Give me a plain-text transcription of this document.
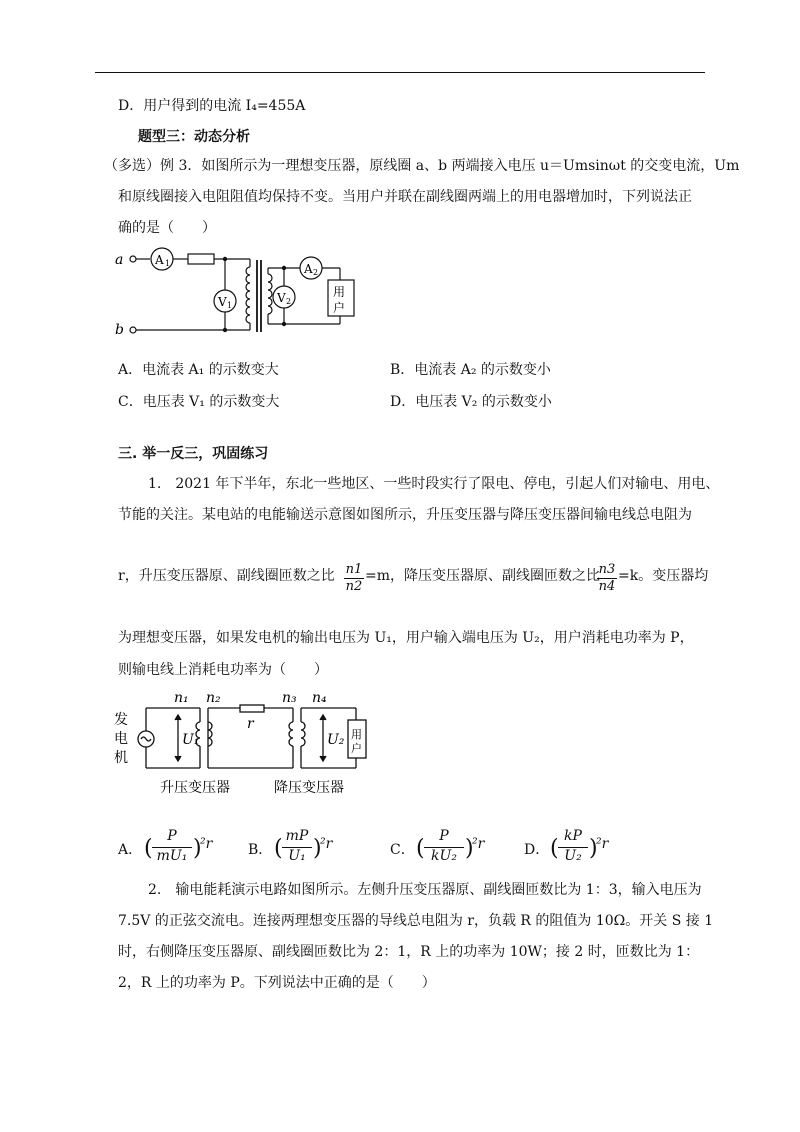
D．用户得到的电流 I₄=455A
题型三：动态分析
（多选）例 3．如图所示为一理想变压器，原线圈 a、b 两端接入电压 u＝Umsinωt 的交变电流，Um
和原线圈接入电阻阻值均保持不变。当用户并联在副线圈两端上的用电器增加时，下列说法正
确的是（　　）
a
b
A 1
V 1
A 2
V 2
用
户
A．电流表 A₁ 的示数变大	B．电流表 A₂ 的示数变小
C．电压表 V₁ 的示数变大	D．电压表 V₂ 的示数变小
三. 举一反三，巩固练习
1.　2021 年下半年，东北一些地区、一些时段实行了限电、停电，引起人们对输电、用电、
节能的关注。某电站的电能输送示意图如图所示，升压变压器与降压变压器间输电线总电阻为
r，升压变压器原、副线圈匝数之比 $\frac{n1}{n2} =m$，降压变压器原、副线圈匝数之比
$\frac{n3}{n4} =k$。变压器均
为理想变压器，如果发电机的输出电压为 U₁，用户输入端电压为 U₂，用户消耗电功率为 P，
则输电线上消耗电功率为（　　）
发
电
机
n₁ n₂
r
n₃ n₄
U₁	U₂ 用
户
升压变压器	降压变压器
A． (	P
mU₁ )
²r	B． ( mP
U₁ )
²r	C． (	P
kU₂ )
²r	D． ( kP
U₂ )
²r
2.　输电能耗演示电路如图所示。左侧升压变压器原、副线圈匝数比为 1：3，输入电压为
7.5V 的正弦交流电。连接两理想变压器的导线总电阻为 r，负载 R 的阻值为 10Ω。开关 S 接 1
时，右侧降压变压器原、副线圈匝数比为 2：1，R 上的功率为 10W；接 2 时，匝数比为 1：
2，R 上的功率为 P。下列说法中正确的是（　　）
